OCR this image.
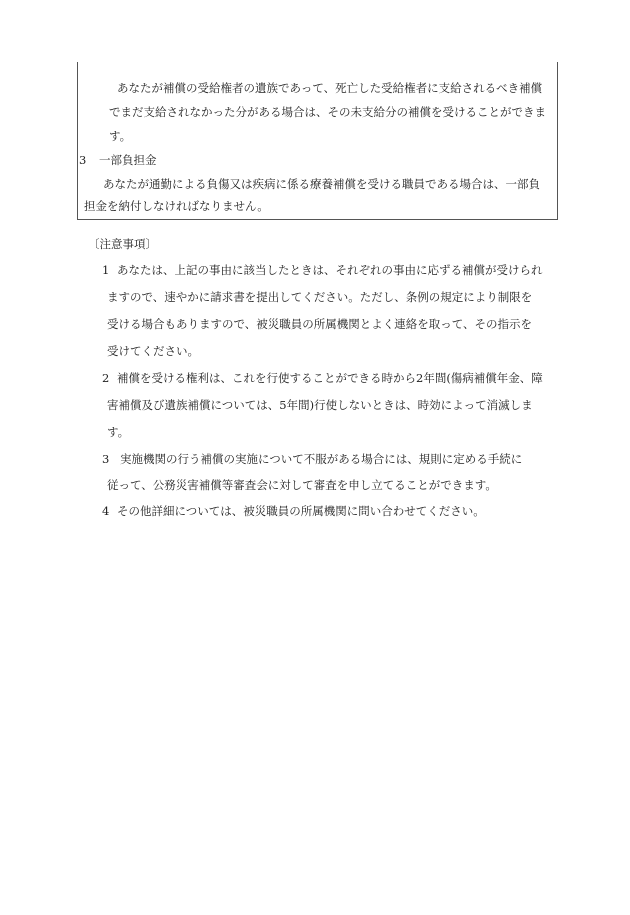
あなたが補償の受給権者の遺族であって、死亡した受給権者に支給されるべき補償
でまだ支給されなかった分がある場合は、その未支給分の補償を受けることができま
す。
3 一部負担金
あなたが通勤による負傷又は疾病に係る療養補償を受ける職員である場合は、一部負
担金を納付しなければなりません。
〔注意事項〕
1 あなたは、上記の事由に該当したときは、それぞれの事由に応ずる補償が受けられ
ますので、速やかに請求書を提出してください。ただし、条例の規定により制限を
受ける場合もありますので、被災職員の所属機関とよく連絡を取って、その指示を
受けてください。
2 補償を受ける権利は、これを行使することができる時から2年間(傷病補償年金、障
害補償及び遺族補償については、5年間)行使しないときは、時効によって消滅しま
す。
3 実施機関の行う補償の実施について不服がある場合には、規則に定める手続に
従って、公務災害補償等審査会に対して審査を申し立てることができます。
4 その他詳細については、被災職員の所属機関に問い合わせてください。
